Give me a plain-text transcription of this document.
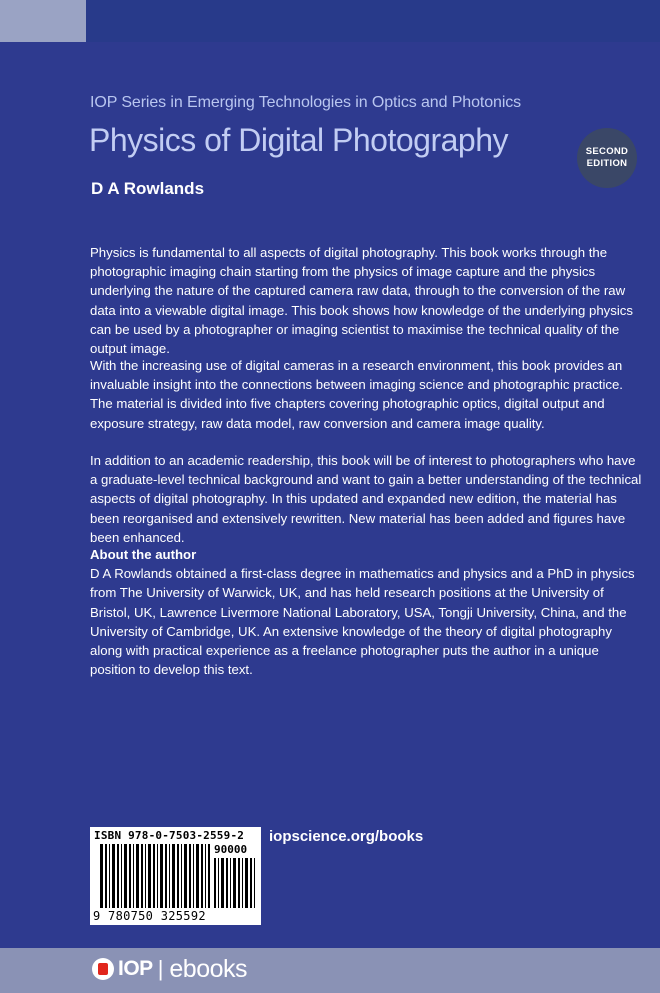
IOP Series in Emerging Technologies in Optics and Photonics
Physics of Digital Photography
D A Rowlands
SECOND
EDITION

Physics is fundamental to all aspects of digital photography. This book works through the photographic imaging chain starting from the physics of image capture and the physics underlying the nature of the captured camera raw data, through to the conversion of the raw data into a viewable digital image. This book shows how knowledge of the underlying physics can be used by a photographer or imaging scientist to maximise the technical quality of the output image.

With the increasing use of digital cameras in a research environment, this book provides an invaluable insight into the connections between imaging science and photographic practice. The material is divided into five chapters covering photographic optics, digital output and exposure strategy, raw data model, raw conversion and camera image quality.

In addition to an academic readership, this book will be of interest to photographers who have a graduate-level technical background and want to gain a better understanding of the technical aspects of digital photography. In this updated and expanded new edition, the material has been reorganised and extensively rewritten. New material has been added and figures have been enhanced.

About the author

D A Rowlands obtained a first-class degree in mathematics and physics and a PhD in physics from The University of Warwick, UK, and has held research positions at the University of Bristol, UK, Lawrence Livermore National Laboratory, USA, Tongji University, China, and the University of Cambridge, UK. An extensive knowledge of the theory of digital photography along with practical experience as a freelance photographer puts the author in a unique position to develop this text.

ISBN 978-0-7503-2559-2
90000
9 780750 325592
iopscience.org/books
IOP | ebooks
